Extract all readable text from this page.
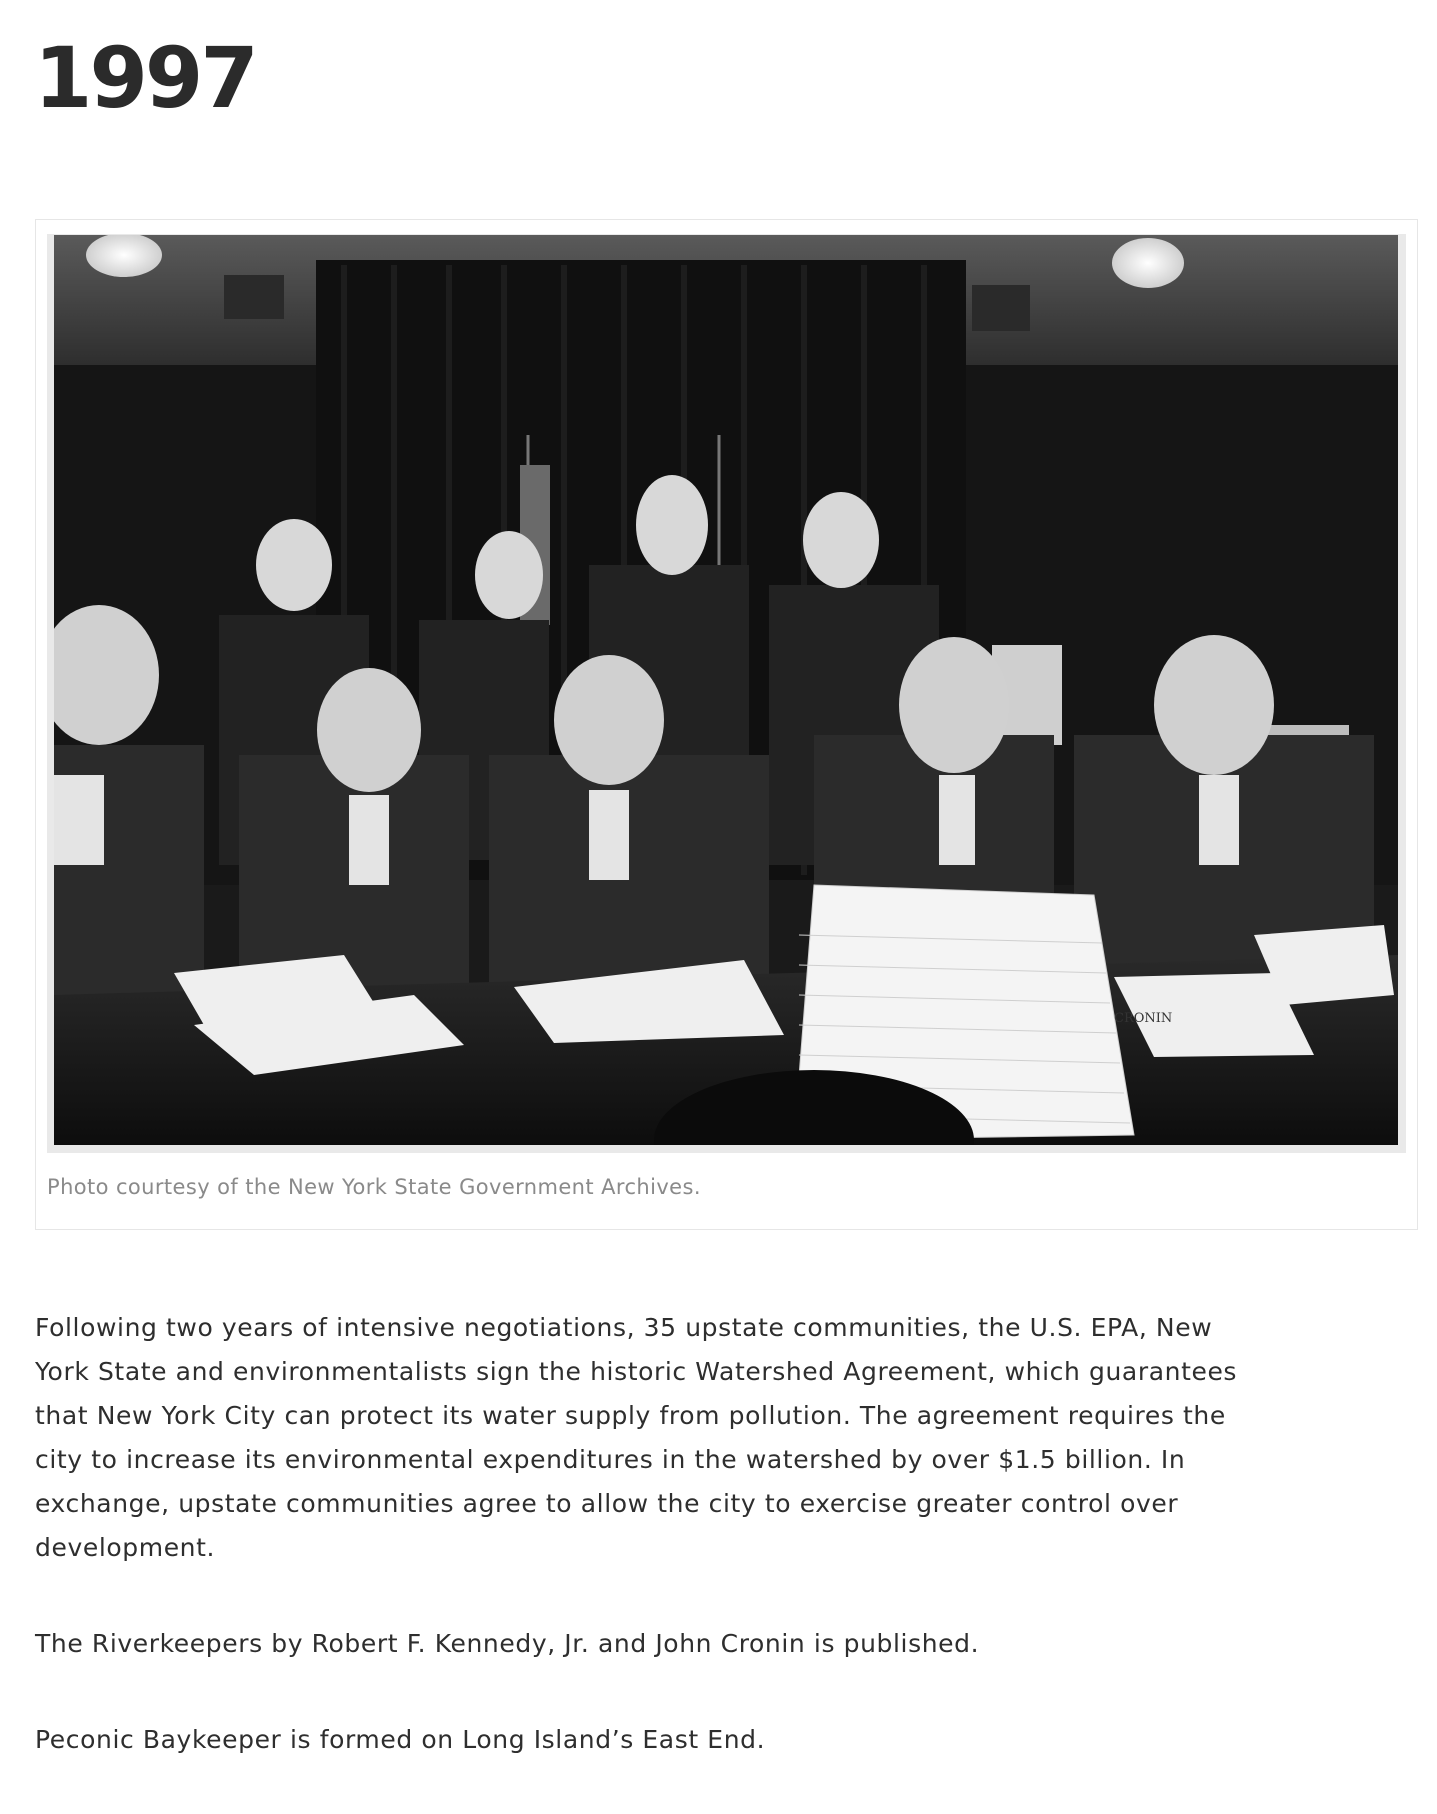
1997
CRONIN
Photo courtesy of the New York State Government Archives.

Following two years of intensive negotiations, 35 upstate communities, the U.S. EPA, New York State and environmentalists sign the historic Watershed Agreement, which guarantees that New York City can protect its water supply from pollution. The agreement requires the city to increase its environmental expenditures in the watershed by over $1.5 billion. In exchange, upstate communities agree to allow the city to exercise greater control over development.

The Riverkeepers by Robert F. Kennedy, Jr. and John Cronin is published.

Peconic Baykeeper is formed on Long Island’s East End.
